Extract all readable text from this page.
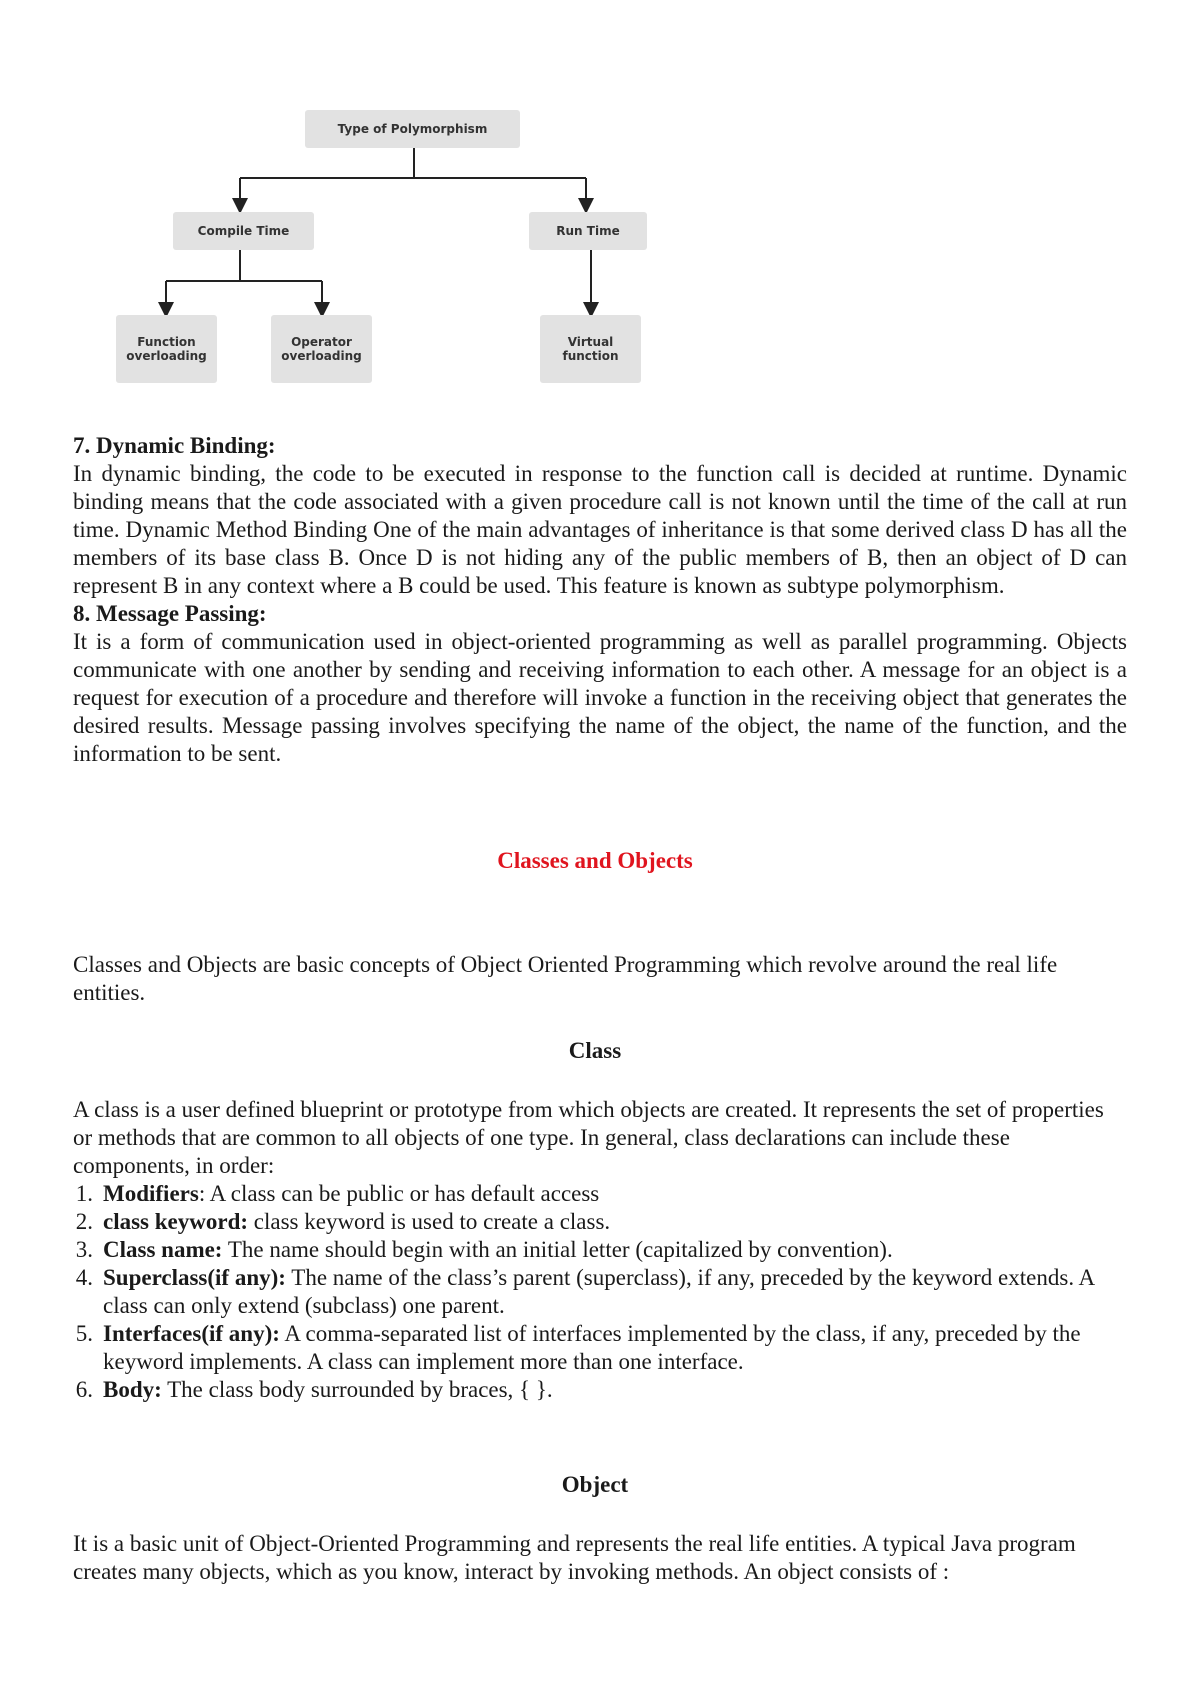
Type of Polymorphism
Compile Time	Run Time
Function
overloading
Operator
overloading
Virtual
function

7. Dynamic Binding:

In dynamic binding, the code to be executed in response to the function call is decided at runtime. Dynamic binding means that the code associated with a given procedure call is not known until the time of the call at run time. Dynamic Method Binding One of the main advantages of inheritance is that some derived class D has all the members of its base class B. Once D is not hiding any of the public members of B, then an object of D can represent B in any context where a B could be used. This feature is known as subtype polymorphism.

8. Message Passing:

It is a form of communication used in object-oriented programming as well as parallel programming. Objects communicate with one another by sending and receiving information to each other. A message for an object is a request for execution of a procedure and therefore will invoke a function in the receiving object that generates the desired results. Message passing involves specifying the name of the object, the name of the function, and the information to be sent.

Classes and Objects

Classes and Objects are basic concepts of Object Oriented Programming which revolve around the real life entities.

Class

A class is a user defined blueprint or prototype from which objects are created. It represents the set of properties or methods that are common to all objects of one type. In general, class declarations can include these components, in order:

1. Modifiers: A class can be public or has default access
2. class keyword: class keyword is used to create a class.
3. Class name: The name should begin with an initial letter (capitalized by convention).
4. Superclass(if any): The name of the class’s parent (superclass), if any, preceded by the keyword extends. A class can only extend (subclass) one parent.
5. Interfaces(if any): A comma-separated list of interfaces implemented by the class, if any, preceded by the keyword implements. A class can implement more than one interface.
6. Body: The class body surrounded by braces, { }.

Object

It is a basic unit of Object-Oriented Programming and represents the real life entities. A typical Java program creates many objects, which as you know, interact by invoking methods. An object consists of :
